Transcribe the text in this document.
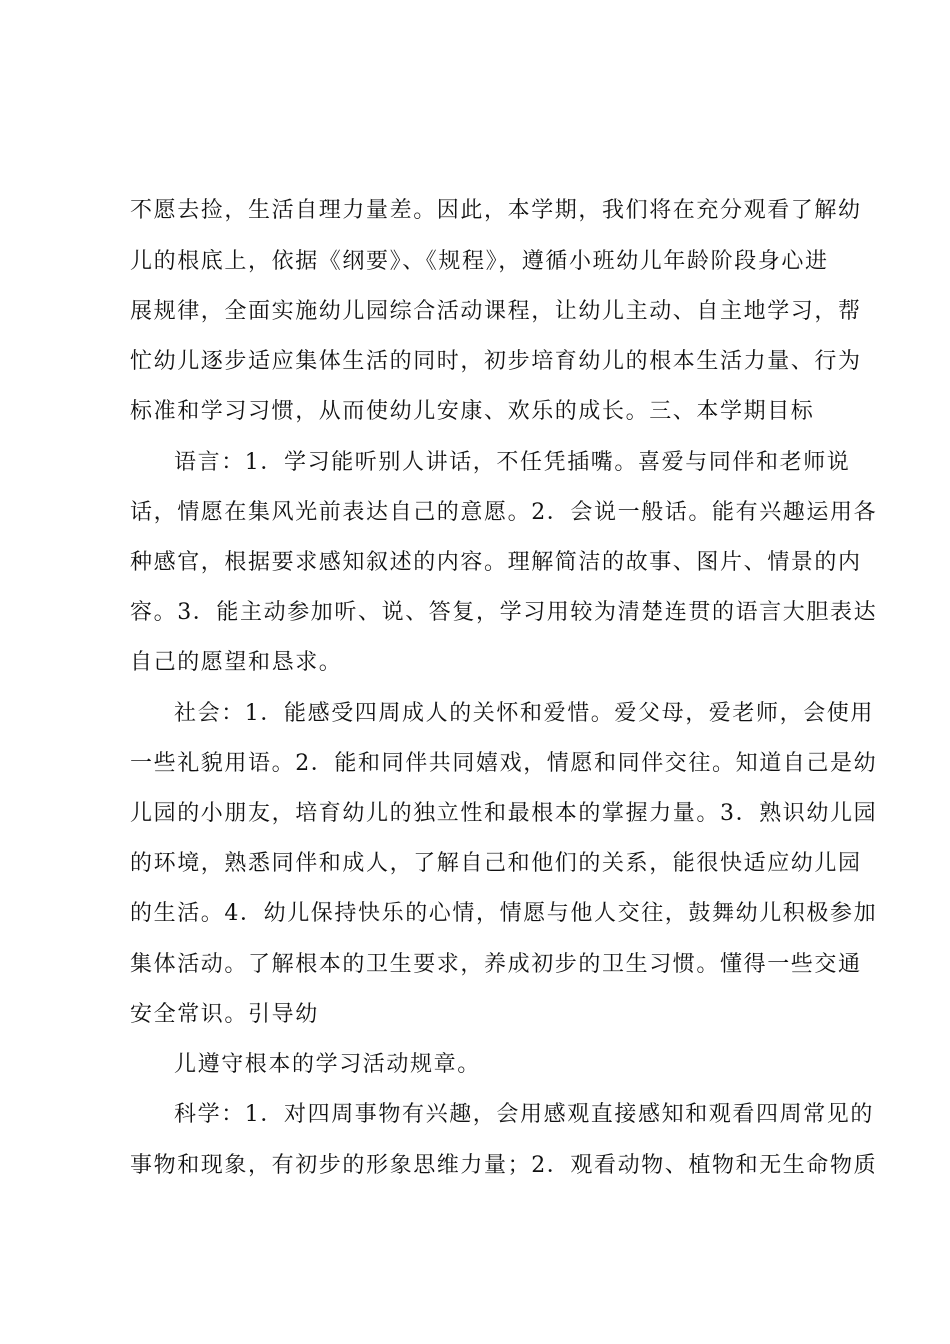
不愿去捡，生活自理力量差。因此，本学期，我们将在充分观看了解幼
儿的根底上，依据《纲要》、《规程》，遵循小班幼儿年龄阶段身心进
展规律，全面实施幼儿园综合活动课程，让幼儿主动、自主地学习，帮
忙幼儿逐步适应集体生活的同时，初步培育幼儿的根本生活力量、行为
标准和学习习惯，从而使幼儿安康、欢乐的成长。三、本学期目标
语言：1．学习能听别人讲话，不任凭插嘴。喜爱与同伴和老师说
话，情愿在集风光前表达自己的意愿。2．会说一般话。能有兴趣运用各
种感官，根据要求感知叙述的内容。理解简洁的故事、图片、情景的内
容。3．能主动参加听、说、答复，学习用较为清楚连贯的语言大胆表达
自己的愿望和恳求。
社会：1．能感受四周成人的关怀和爱惜。爱父母，爱老师，会使用
一些礼貌用语。2．能和同伴共同嬉戏，情愿和同伴交往。知道自己是幼
儿园的小朋友，培育幼儿的独立性和最根本的掌握力量。3．熟识幼儿园
的环境，熟悉同伴和成人，了解自己和他们的关系，能很快适应幼儿园
的生活。4．幼儿保持快乐的心情，情愿与他人交往，鼓舞幼儿积极参加
集体活动。了解根本的卫生要求，养成初步的卫生习惯。懂得一些交通
安全常识。引导幼
儿遵守根本的学习活动规章。
科学：1．对四周事物有兴趣，会用感观直接感知和观看四周常见的
事物和现象，有初步的形象思维力量；2．观看动物、植物和无生命物质
